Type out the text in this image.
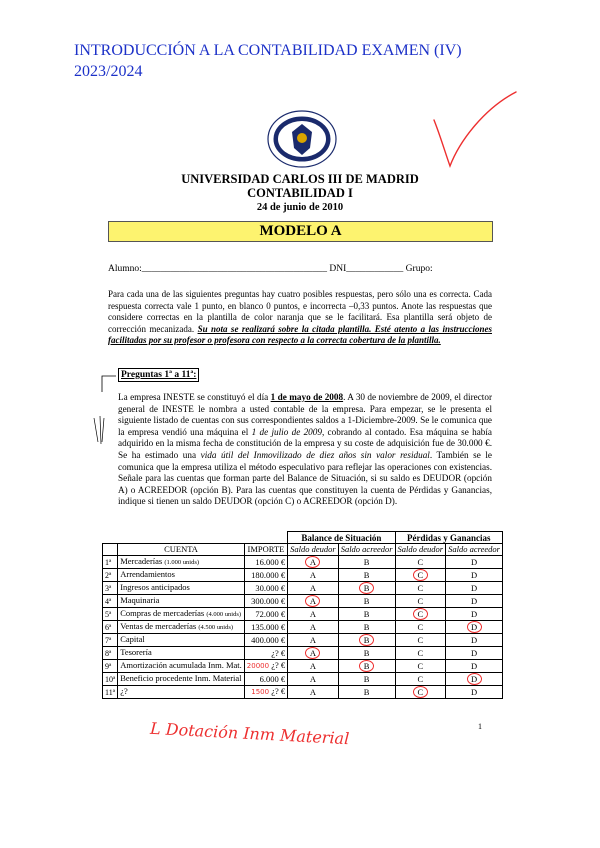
INTRODUCCIÓN A LA CONTABILIDAD EXAMEN (IV)
2023/2024
UNIVERSIDAD CARLOS III DE MADRID
CONTABILIDAD I
24 de junio de 2010
MODELO A
Alumno:_______________________________________ DNI____________ Grupo:
Para cada una de las siguientes preguntas hay cuatro posibles respuestas, pero sólo una es correcta. Cada respuesta correcta vale 1 punto, en blanco 0 puntos, e incorrecta –0,33 puntos. Anote las respuestas que considere correctas en la plantilla de color naranja que se le facilitará. Esa plantilla será objeto de corrección mecanizada. Su nota se realizará sobre la citada plantilla. Esté atento a las instrucciones facilitadas por su profesor o profesora con respecto a la correcta cobertura de la plantilla.
Preguntas 1ª a 11ª:
La empresa INESTE se constituyó el día 1 de mayo de 2008. A 30 de noviembre de 2009, el director general de INESTE le nombra a usted contable de la empresa. Para empezar, se le presenta el siguiente listado de cuentas con sus correspondientes saldos a 1-Diciembre-2009. Se le comunica que la empresa vendió una máquina el 1 de julio de 2009, cobrando al contado. Esa máquina se había adquirido en la misma fecha de constitución de la empresa y su coste de adquisición fue de 30.000 €. Se ha estimado una vida útil del Inmovilizado de diez años sin valor residual. También se le comunica que la empresa utiliza el método especulativo para reflejar las operaciones con existencias. Señale para las cuentas que forman parte del Balance de Situación, si su saldo es DEUDOR (opción A) o ACREEDOR (opción B). Para las cuentas que constituyen la cuenta de Pérdidas y Ganancias, indique si tienen un saldo DEUDOR (opción C) o ACREEDOR (opción D).
			Balance de Situación		Pérdidas y Ganancias	
	CUENTA	IMPORTE	Saldo deudor	Saldo acreedor	Saldo deudor	Saldo acreedor
1ª	Mercaderías (1.000 unids)	16.000 €	A	B	C	D
2ª	Arrendamientos	180.000 €	A	B	C	D
3ª	Ingresos anticipados	30.000 €	A	B	C	D
4ª	Maquinaria	300.000 €	A	B	C	D
5ª	Compras de mercaderías (4.000 unids)	72.000 €	A	B	C	D
6ª	Ventas de mercaderías (4.500 unids)	135.000 €	A	B	C	D
7ª	Capital	400.000 €	A	B	C	D
8ª	Tesorería	¿? €	A	B	C	D
9ª	Amortización acumulada Inm. Mat.	20000 ¿? €	A	B	C	D
10ª	Beneficio procedente Inm. Material	6.000 €	A	B	C	D
11ª	¿?	1500 ¿? €	A	B	C	D
L Dotación Inm Material	1
